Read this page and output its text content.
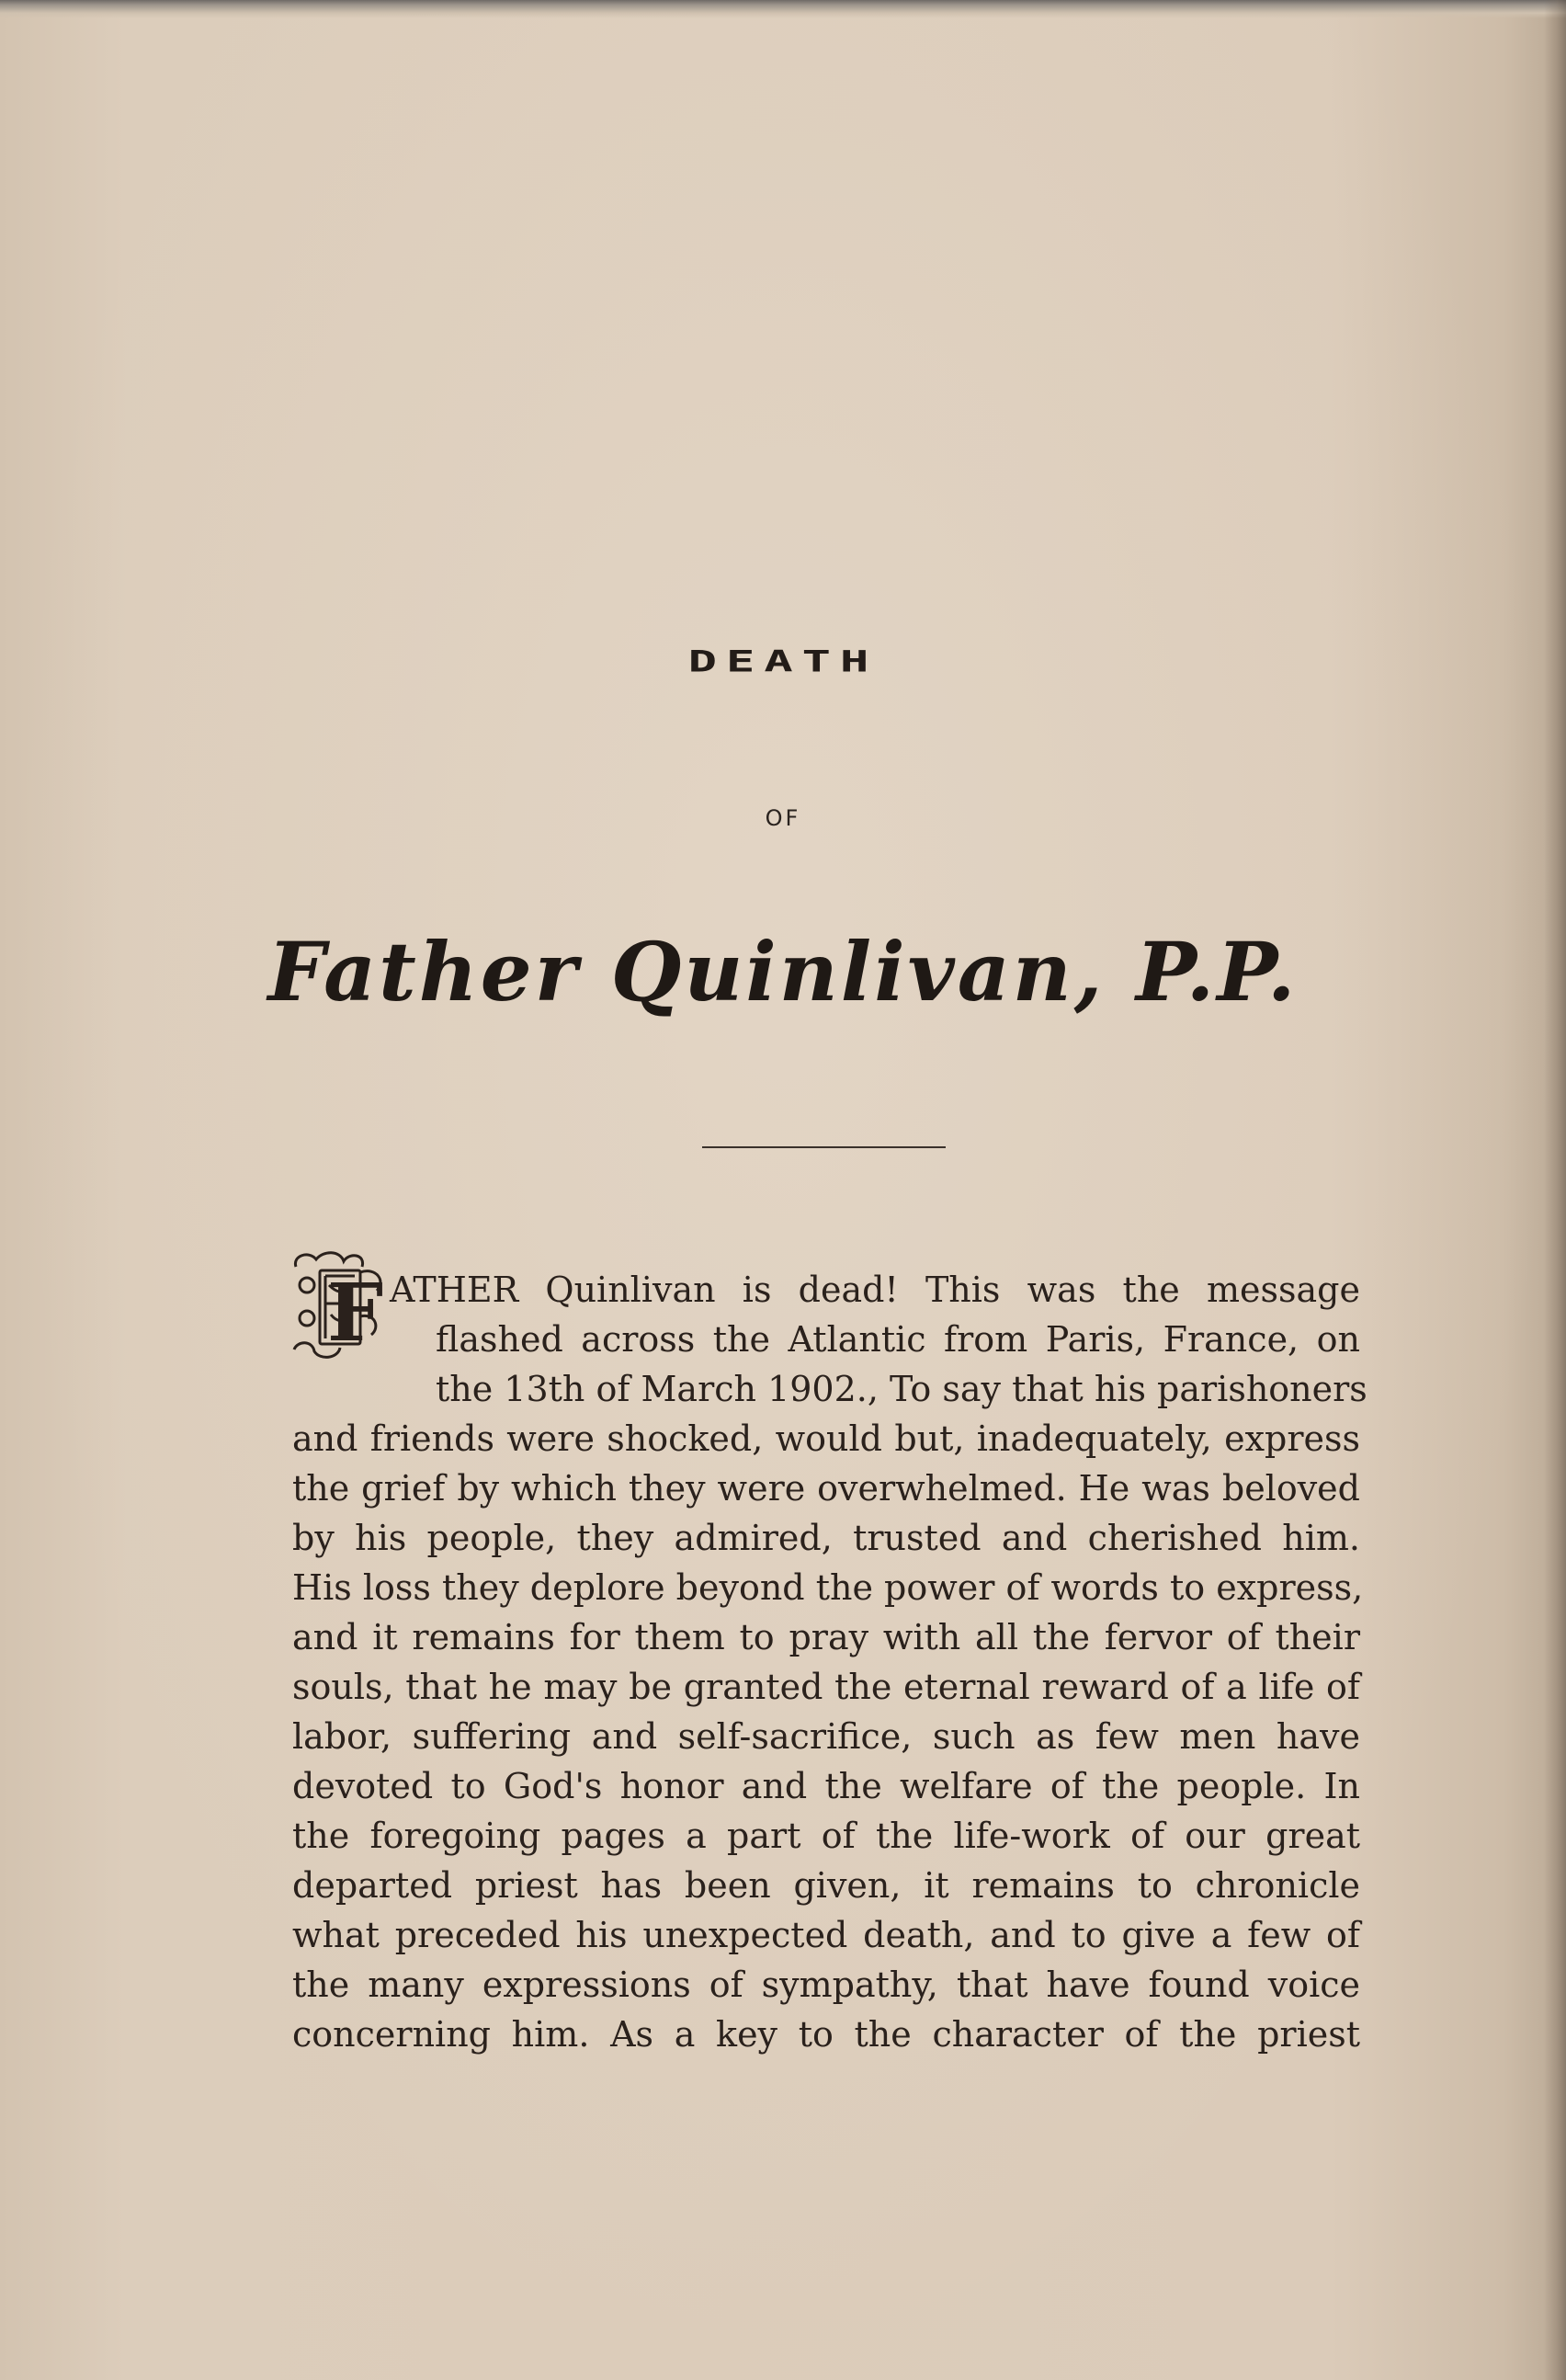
DEATH
OF
Father Quinlivan, P.P.
F ATHER Quinlivan is dead! This was the message
flashed across the Atlantic from Paris, France, on
the 13th of March 1902., To say that his parishoners
and friends were shocked, would but, inadequately, express
the grief by which they were overwhelmed. He was beloved
by his people, they admired, trusted and cherished him.
His loss they deplore beyond the power of words to express,
and it remains for them to pray with all the fervor of their
souls, that he may be granted the eternal reward of a life of
labor, suffering and self-sacrifice, such as few men have
devoted to God's honor and the welfare of the people. In
the foregoing pages a part of the life-work of our great
departed priest has been given, it remains to chronicle
what preceded his unexpected death, and to give a few of
the many expressions of sympathy, that have found voice
concerning him. As a key to the character of the priest
